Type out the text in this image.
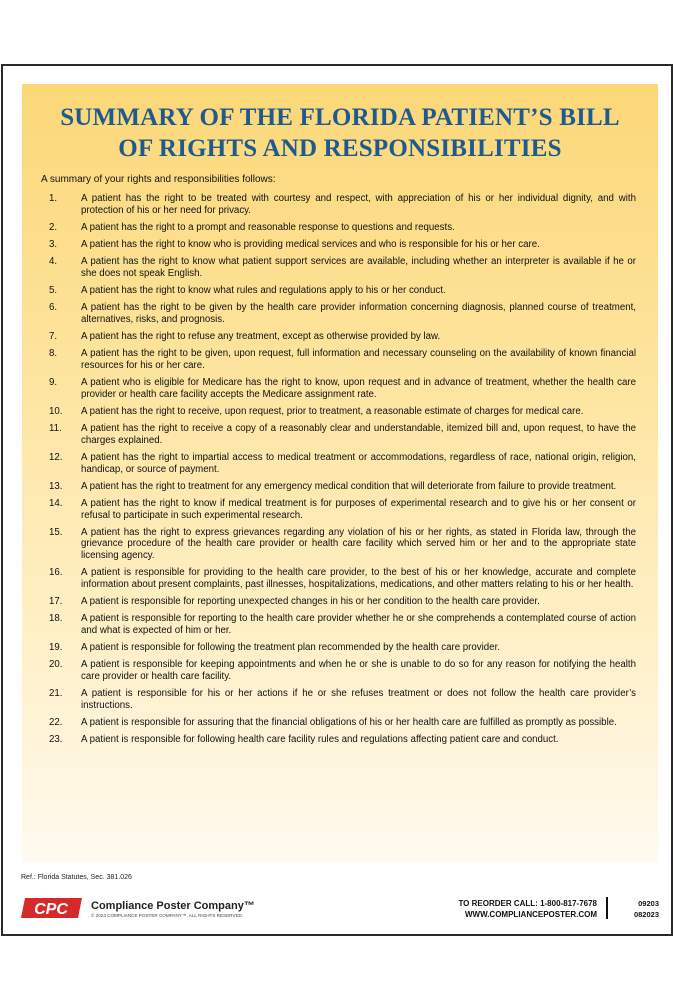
SUMMARY OF THE FLORIDA PATIENT’S BILL
OF RIGHTS AND RESPONSIBILITIES

A summary of your rights and responsibilities follows:

1. A patient has the right to be treated with courtesy and respect, with appreciation of his or her individual dignity, and with protection of his or her need for privacy.
2. A patient has the right to a prompt and reasonable response to questions and requests.
3. A patient has the right to know who is providing medical services and who is responsible for his or her care.
4. A patient has the right to know what patient support services are available, including whether an interpreter is available if he or she does not speak English.
5. A patient has the right to know what rules and regulations apply to his or her conduct.
6. A patient has the right to be given by the health care provider information concerning diagnosis, planned course of treatment, alternatives, risks, and prognosis.
7. A patient has the right to refuse any treatment, except as otherwise provided by law.
8. A patient has the right to be given, upon request, full information and necessary counseling on the availability of known financial resources for his or her care.
9. A patient who is eligible for Medicare has the right to know, upon request and in advance of treatment, whether the health care provider or health care facility accepts the Medicare assignment rate.
10. A patient has the right to receive, upon request, prior to treatment, a reasonable estimate of charges for medical care.
11. A patient has the right to receive a copy of a reasonably clear and understandable, itemized bill and, upon request, to have the charges explained.
12. A patient has the right to impartial access to medical treatment or accommodations, regardless of race, national origin, religion, handicap, or source of payment.
13. A patient has the right to treatment for any emergency medical condition that will deteriorate from failure to provide treatment.
14. A patient has the right to know if medical treatment is for purposes of experimental research and to give his or her consent or refusal to participate in such experimental research.
15. A patient has the right to express grievances regarding any violation of his or her rights, as stated in Florida law, through the grievance procedure of the health care provider or health care facility which served him or her and to the appropriate state licensing agency.
16. A patient is responsible for providing to the health care provider, to the best of his or her knowledge, accurate and complete information about present complaints, past illnesses, hospitalizations, medications, and other matters relating to his or her health.
17. A patient is responsible for reporting unexpected changes in his or her condition to the health care provider.
18. A patient is responsible for reporting to the health care provider whether he or she comprehends a contemplated course of action and what is expected of him or her.
19. A patient is responsible for following the treatment plan recommended by the health care provider.
20. A patient is responsible for keeping appointments and when he or she is unable to do so for any reason for notifying the health care provider or health care facility.
21. A patient is responsible for his or her actions if he or she refuses treatment or does not follow the health care provider’s instructions.
22. A patient is responsible for assuring that the financial obligations of his or her health care are fulfilled as promptly as possible.
23. A patient is responsible for following health care facility rules and regulations affecting patient care and conduct.
Ref.: Florida Statutes, Sec. 381.026
CPC Compliance Poster Company™
© 2023 COMPLIANCE POSTER COMPANY™. ALL RIGHTS RESERVED.
TO REORDER CALL: 1-800-817-7678
WWW.COMPLIANCEPOSTER.COM
09203
082023
